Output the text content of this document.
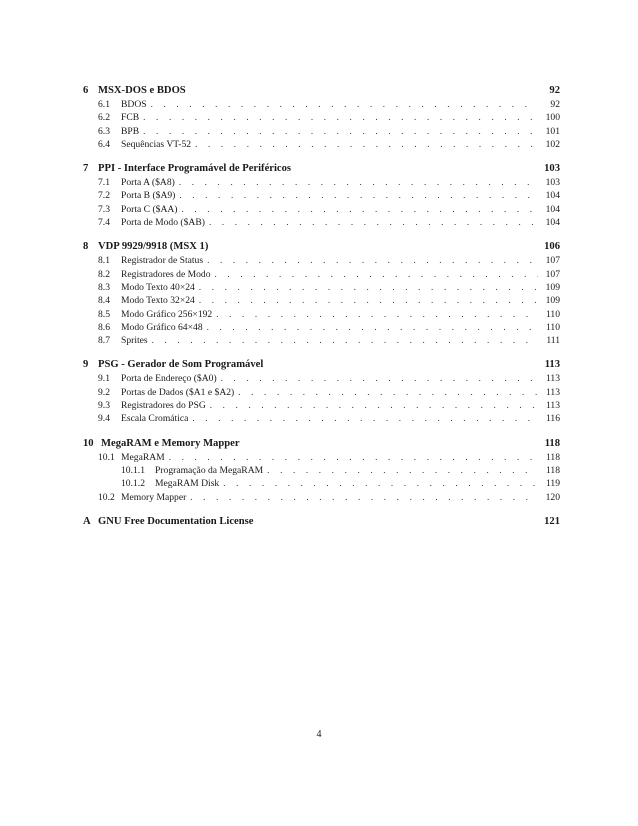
6 MSX-DOS e BDOS	92
6.1	BDOS . . .	92
6.2	FCB . . .	100
6.3	BPB . . .	101
6.4	Sequências VT-52 . . .	102
7 PPI - Interface Programável de Periféricos	103
7.1	Porta A ($A8) . . .	103
7.2	Porta B ($A9) . . .	104
7.3	Porta C ($AA) . . .	104
7.4	Porta de Modo ($AB) . . .	104
8 VDP 9929/9918 (MSX 1)	106
8.1	Registrador de Status . . .	107
8.2	Registradores de Modo . . .	107
8.3	Modo Texto 40×24 . . .	109
8.4	Modo Texto 32×24 . . .	109
8.5	Modo Gráfico 256×192 . . .	110
8.6	Modo Gráfico 64×48 . . .	110
8.7	Sprites . . .	111
9 PSG - Gerador de Som Programável	113
9.1	Porta de Endereço ($A0) . . .	113
9.2	Portas de Dados ($A1 e $A2) . . .	113
9.3	Registradores do PSG . . .	113
9.4	Escala Cromática . . .	116
10 MegaRAM e Memory Mapper	118
10.1 MegaRAM . . .	118
10.1.1	Programação da MegaRAM . . .	118
10.1.2	MegaRAM Disk . . .	119
10.2 Memory Mapper . . .	120
A GNU Free Documentation License	121
4
